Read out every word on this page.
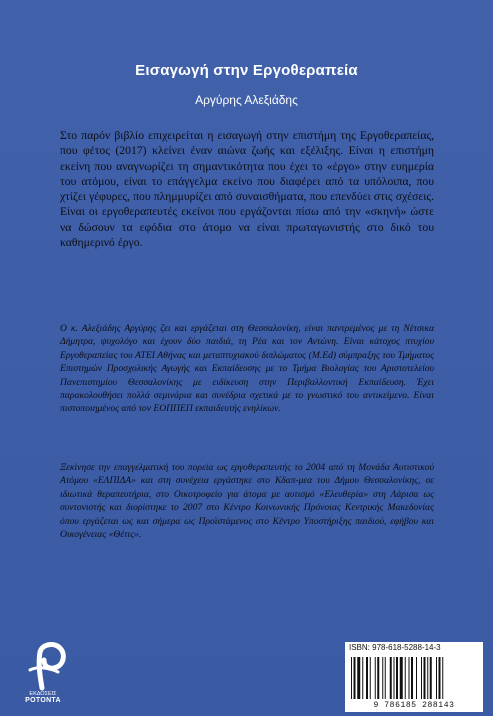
Εισαγωγή στην Εργοθεραπεία
Αργύρης Αλεξιάδης
Στο παρόν βιβλίο επιχειρείται η εισαγωγή στην επιστήμη της Εργοθεραπείας, που φέτος (2017) κλείνει έναν αιώνα ζωής και εξέλιξης. Είναι η επιστήμη εκείνη που αναγνωρίζει τη σημαντικότητα που έχει το «έργο» στην ευημερία του ατόμου, είναι το επάγγελμα εκείνο που διαφέρει από τα υπόλοιπα, που χτίζει γέφυρες, που πλημμυρίζει από συναισθήματα, που επενδύει στις σχέσεις. Είναι οι εργοθεραπευτές εκείνοι που εργάζονται πίσω από την «σκηνή» ώστε να δώσουν τα εφόδια στο άτομο να είναι πρωταγωνιστής στο δικό του καθημερινό έργο.
Ο κ. Αλεξιάδης Αργύρης ζει και εργάζεται στη Θεσσαλονίκη, είναι παντρεμένος με τη Νέτσικα Δήμητρα, ψυχολόγο και έχουν δύο παιδιά, τη Ρέα και τον Αντώνη. Είναι κάτοχος πτυχίου Εργοθεραπείας του ΑΤΕΙ Αθήνας και μεταπτυχιακού διπλώματος (M.Ed) σύμπραξης του Τμήματος Επιστημών Προσχολικής Αγωγής και Εκπαίδευσης με το Τμήμα Βιολογίας του Αριστοτελείου Πανεπιστημίου Θεσσαλονίκης με ειδίκευση στην Περιβαλλοντική Εκπαίδευση. Έχει παρακολουθήσει πολλά σεμινάρια και συνέδρια σχετικά με το γνωστικό του αντικείμενο. Είναι πιστοποιημένος από τον ΕΟΠΠΕΠ εκπαιδευτής ενηλίκων.
Ξεκίνησε την επαγγελματική του πορεία ως εργοθεραπευτής το 2004 από τη Μονάδα Αυτιστικού Ατόμου «ΕΛΠΙΔΑ» και στη συνέχεια εργάστηκε στο Κδαπ-μεα του Δήμου Θεσσαλονίκης, σε ιδιωτικά θεραπευτήρια, στο Οικοτροφείο για άτομα με αυτισμό «Ελευθερία» στη Λάρισα ως συντονιστής και διορίστηκε το 2007 στο Κέντρο Κοινωνικής Πρόνοιας Κεντρικής Μακεδονίας όπου εργάζεται ως και σήμερα ως Προϊστάμενος στο Κέντρο Υποστήριξης παιδιού, εφήβου και Οικογένειας «Θέτις».
ΕΚΔΟΣΕΙΣ
ΡΟΤΟΝΤΑ
ISBN: 978-618-5288-14-3
9 786185 288143
